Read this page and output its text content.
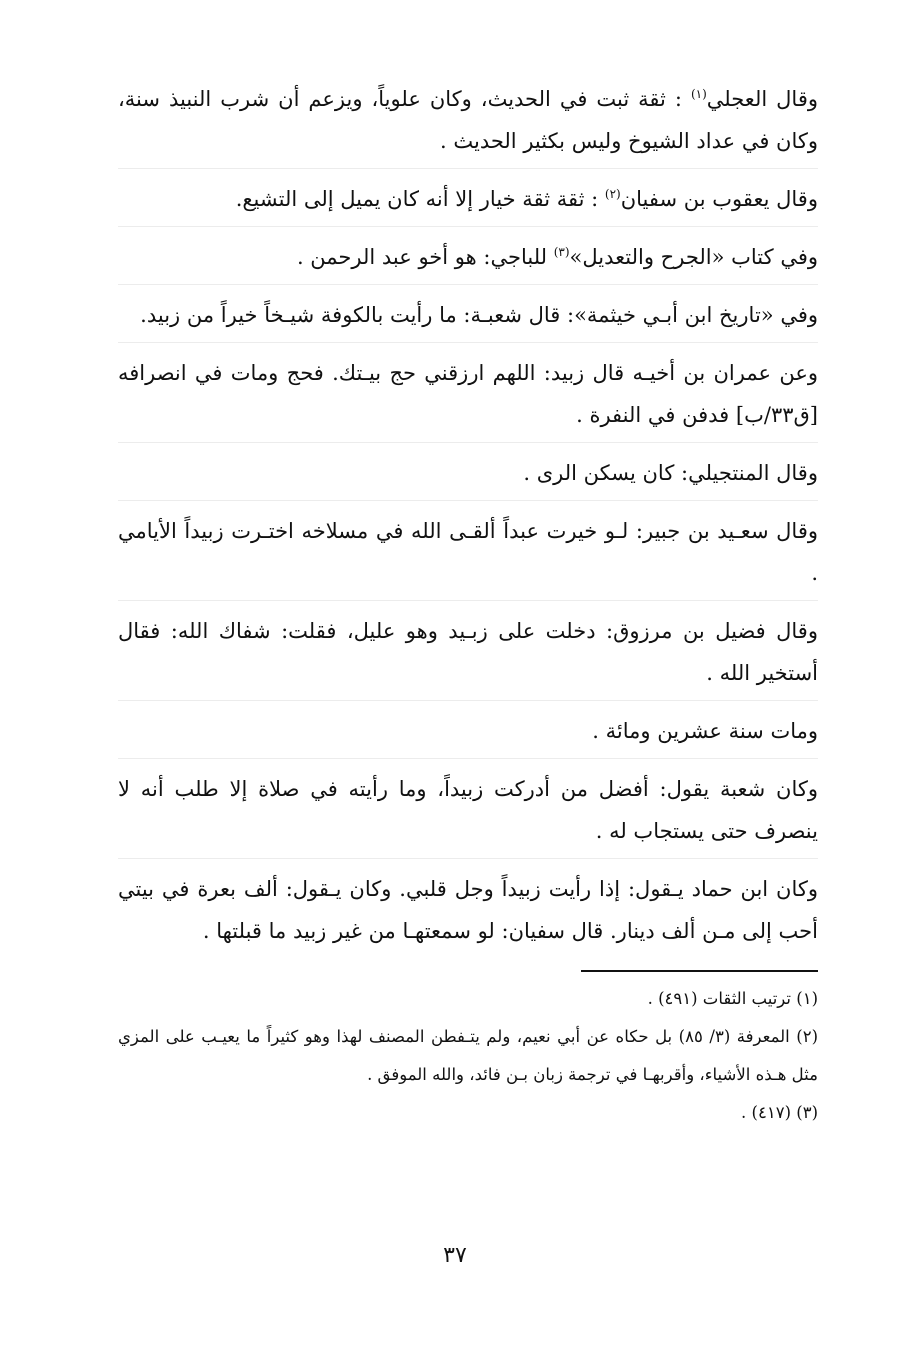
وقال العجلي$^{(١)}$ : ثقة ثبت في الحديث، وكان علوياً، ويزعم أن شرب النبيذ سنة، وكان في عداد الشيوخ وليس بكثير الحديث .

وقال يعقوب بن سفيان$^{(٢)}$ : ثقة ثقة خيار إلا أنه كان يميل إلى التشيع.

وفي كتاب «الجرح والتعديل»$^{(٣)}$ للباجي: هو أخو عبد الرحمن .

وفي «تاريخ ابن أبـي خيثمة»: قال شعبـة: ما رأيت بالكوفة شيـخاً خيراً من زبيد.

وعن عمران بن أخيـه قال زبيد: اللهم ارزقني حج بيـتك. فحج ومات في انصرافه [ق٣٣/ب] فدفن في النفرة .

وقال المنتجيلي: كان يسكن الرى .

وقال سعـيد بن جبير: لـو خيرت عبداً ألقـى الله في مسلاخه اختـرت زبيداً الأيامي .

وقال فضيل بن مرزوق: دخلت على زبـيد وهو عليل، فقلت: شفاك الله: فقال أستخير الله .

ومات سنة عشرين ومائة .

وكان شعبة يقول: أفضل من أدركت زبيداً، وما رأيته في صلاة إلا طلب أنه لا ينصرف حتى يستجاب له .

وكان ابن حماد يـقول: إذا رأيت زبيداً وجل قلبي. وكان يـقول: ألف بعرة في بيتي أحب إلى مـن ألف دينار. قال سفيان: لو سمعتهـا من غير زبيد ما قبلتها .

(١) ترتيب الثقات (٤٩١) .
(٢) المعرفة (٣/ ٨٥) بل حكاه عن أبي نعيم، ولم يتـفطن المصنف لهذا وهو كثيراً ما يعيـب على المزي مثل هـذه الأشياء، وأقربهـا في ترجمة زبان بـن فائد، والله الموفق .
(٣) (٤١٧) .
٣٧
